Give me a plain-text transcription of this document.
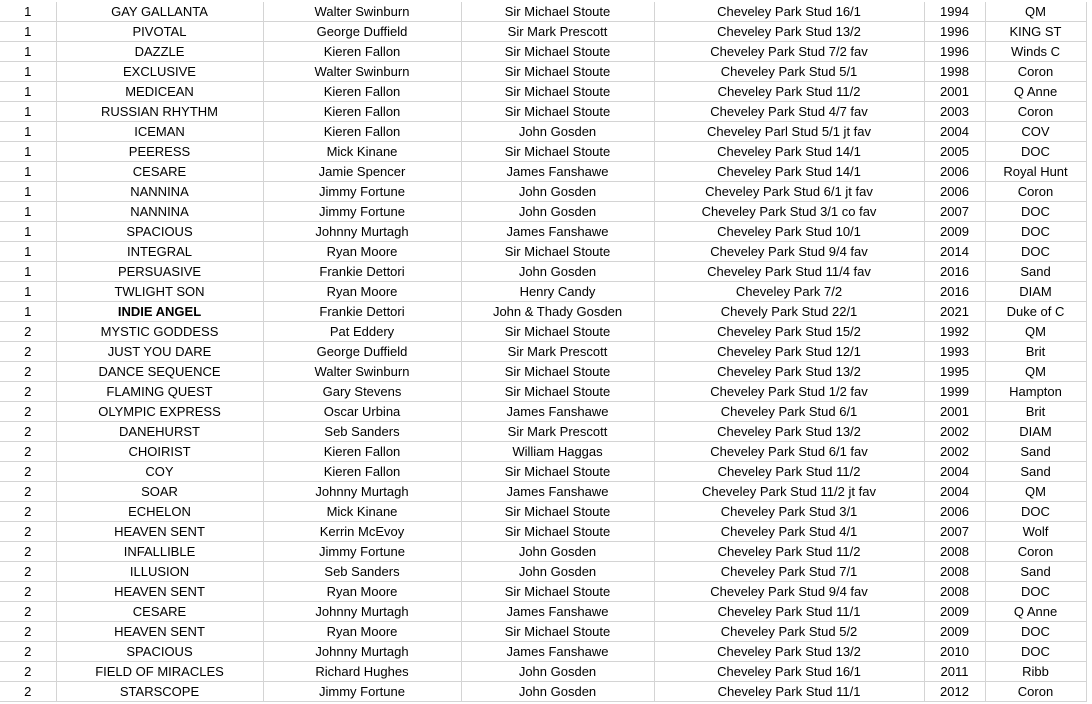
1	GAY GALLANTA	Walter Swinburn	Sir Michael Stoute	Cheveley Park Stud 16/1	1994	QM
1	PIVOTAL	George Duffield	Sir Mark Prescott	Cheveley Park Stud 13/2	1996	KING ST
1	DAZZLE	Kieren Fallon	Sir Michael Stoute	Cheveley Park Stud 7/2 fav	1996	Winds C
1	EXCLUSIVE	Walter Swinburn	Sir Michael Stoute	Cheveley Park Stud 5/1	1998	Coron
1	MEDICEAN	Kieren Fallon	Sir Michael Stoute	Cheveley Park Stud 11/2	2001	Q Anne
1	RUSSIAN RHYTHM	Kieren Fallon	Sir Michael Stoute	Cheveley Park Stud 4/7 fav	2003	Coron
1	ICEMAN	Kieren Fallon	John Gosden	Cheveley Parl Stud 5/1 jt fav	2004	COV
1	PEERESS	Mick Kinane	Sir Michael Stoute	Cheveley Park Stud 14/1	2005	DOC
1	CESARE	Jamie Spencer	James Fanshawe	Cheveley Park Stud 14/1	2006	Royal Hunt
1	NANNINA	Jimmy Fortune	John Gosden	Cheveley Park Stud 6/1 jt fav	2006	Coron
1	NANNINA	Jimmy Fortune	John Gosden	Cheveley Park Stud 3/1 co fav	2007	DOC
1	SPACIOUS	Johnny Murtagh	James Fanshawe	Cheveley Park Stud 10/1	2009	DOC
1	INTEGRAL	Ryan Moore	Sir Michael Stoute	Cheveley Park Stud 9/4 fav	2014	DOC
1	PERSUASIVE	Frankie Dettori	John Gosden	Cheveley Park Stud 11/4 fav	2016	Sand
1	TWLIGHT SON	Ryan Moore	Henry Candy	Cheveley Park 7/2	2016	DIAM
1	INDIE ANGEL	Frankie Dettori	John & Thady Gosden	Chevely Park Stud 22/1	2021	Duke of C
2	MYSTIC GODDESS	Pat Eddery	Sir Michael Stoute	Cheveley Park Stud 15/2	1992	QM
2	JUST YOU DARE	George Duffield	Sir Mark Prescott	Cheveley Park Stud 12/1	1993	Brit
2	DANCE SEQUENCE	Walter Swinburn	Sir Michael Stoute	Cheveley Park Stud 13/2	1995	QM
2	FLAMING QUEST	Gary Stevens	Sir Michael Stoute	Cheveley Park Stud 1/2 fav	1999	Hampton
2	OLYMPIC EXPRESS	Oscar Urbina	James Fanshawe	Cheveley Park Stud 6/1	2001	Brit
2	DANEHURST	Seb Sanders	Sir Mark Prescott	Cheveley Park Stud 13/2	2002	DIAM
2	CHOIRIST	Kieren Fallon	William Haggas	Cheveley Park Stud 6/1 fav	2002	Sand
2	COY	Kieren Fallon	Sir Michael Stoute	Cheveley Park Stud 11/2	2004	Sand
2	SOAR	Johnny Murtagh	James Fanshawe	Cheveley Park Stud 11/2 jt fav	2004	QM
2	ECHELON	Mick Kinane	Sir Michael Stoute	Cheveley Park Stud 3/1	2006	DOC
2	HEAVEN SENT	Kerrin McEvoy	Sir Michael Stoute	Cheveley Park Stud 4/1	2007	Wolf
2	INFALLIBLE	Jimmy Fortune	John Gosden	Cheveley Park Stud 11/2	2008	Coron
2	ILLUSION	Seb Sanders	John Gosden	Cheveley Park Stud 7/1	2008	Sand
2	HEAVEN SENT	Ryan Moore	Sir Michael Stoute	Cheveley Park Stud 9/4 fav	2008	DOC
2	CESARE	Johnny Murtagh	James Fanshawe	Cheveley Park Stud 11/1	2009	Q Anne
2	HEAVEN SENT	Ryan Moore	Sir Michael Stoute	Cheveley Park Stud 5/2	2009	DOC
2	SPACIOUS	Johnny Murtagh	James Fanshawe	Cheveley Park Stud 13/2	2010	DOC
2	FIELD OF MIRACLES	Richard Hughes	John Gosden	Cheveley Park Stud 16/1	2011	Ribb
2	STARSCOPE	Jimmy Fortune	John Gosden	Cheveley Park Stud 11/1	2012	Coron
